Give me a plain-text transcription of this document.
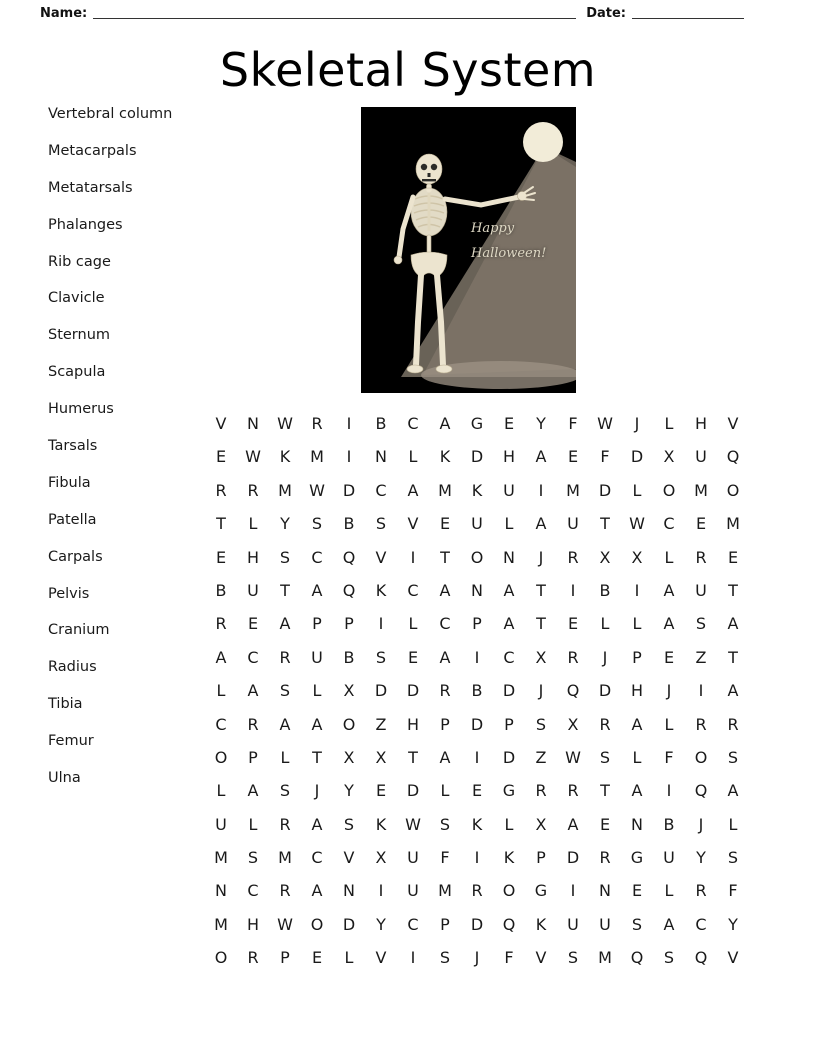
Name:	Date:
Skeletal System
Vertebral column
Metacarpals
Metatarsals
Phalanges
Rib cage
Clavicle
Sternum
Scapula
Humerus
Tarsals
Fibula
Patella
Carpals
Pelvis
Cranium
Radius
Tibia
Femur
Ulna
Happy
Halloween!
V	N	W	R	I	B	C	A	G	E	Y	F	W	J	L	H	V
E	W	K	M	I	N	L	K	D	H	A	E	F	D	X	U	Q
R	R	M	W	D	C	A	M	K	U	I	M	D	L	O	M	O
T	L	Y	S	B	S	V	E	U	L	A	U	T	W	C	E	M
E	H	S	C	Q	V	I	T	O	N	J	R	X	X	L	R	E
B	U	T	A	Q	K	C	A	N	A	T	I	B	I	A	U	T
R	E	A	P	P	I	L	C	P	A	T	E	L	L	A	S	A
A	C	R	U	B	S	E	A	I	C	X	R	J	P	E	Z	T
L	A	S	L	X	D	D	R	B	D	J	Q	D	H	J	I	A
C	R	A	A	O	Z	H	P	D	P	S	X	R	A	L	R	R
O	P	L	T	X	X	T	A	I	D	Z	W	S	L	F	O	S
L	A	S	J	Y	E	D	L	E	G	R	R	T	A	I	Q	A
U	L	R	A	S	K	W	S	K	L	X	A	E	N	B	J	L
M	S	M	C	V	X	U	F	I	K	P	D	R	G	U	Y	S
N	C	R	A	N	I	U	M	R	O	G	I	N	E	L	R	F
M	H	W	O	D	Y	C	P	D	Q	K	U	U	S	A	C	Y
O	R	P	E	L	V	I	S	J	F	V	S	M	Q	S	Q	V
